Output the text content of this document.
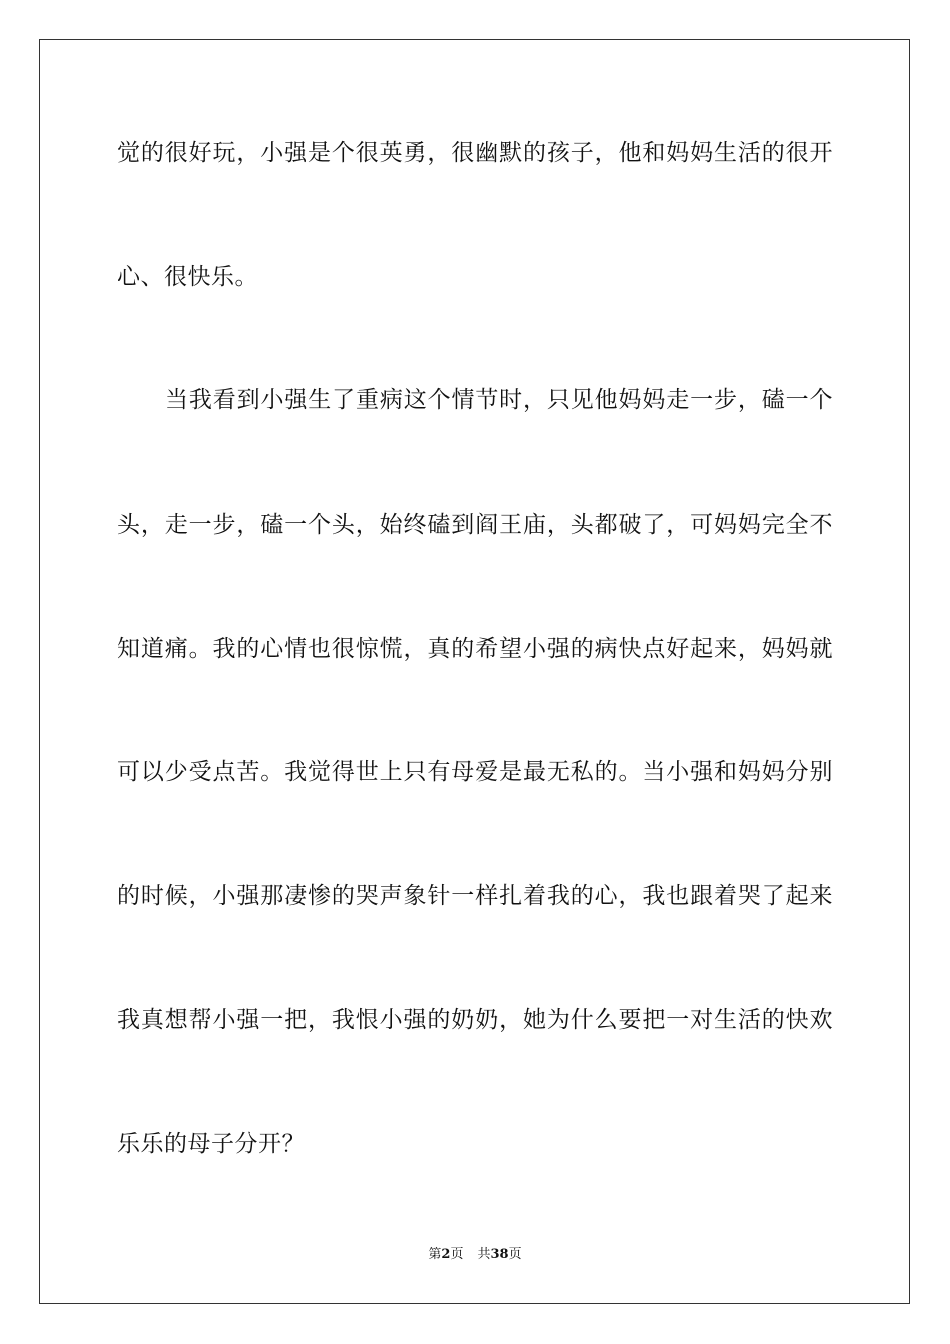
觉的很好玩，小强是个很英勇，很幽默的孩子，他和妈妈生活的很开
心、很快乐。
当我看到小强生了重病这个情节时，只见他妈妈走一步，磕一个
头，走一步，磕一个头，始终磕到阎王庙，头都破了，可妈妈完全不
知道痛。我的心情也很惊慌，真的希望小强的病快点好起来，妈妈就
可以少受点苦。我觉得世上只有母爱是最无私的。当小强和妈妈分别
的时候，小强那凄惨的哭声象针一样扎着我的心，我也跟着哭了起来
我真想帮小强一把，我恨小强的奶奶，她为什么要把一对生活的快欢
乐乐的母子分开？
第2页 共38页
